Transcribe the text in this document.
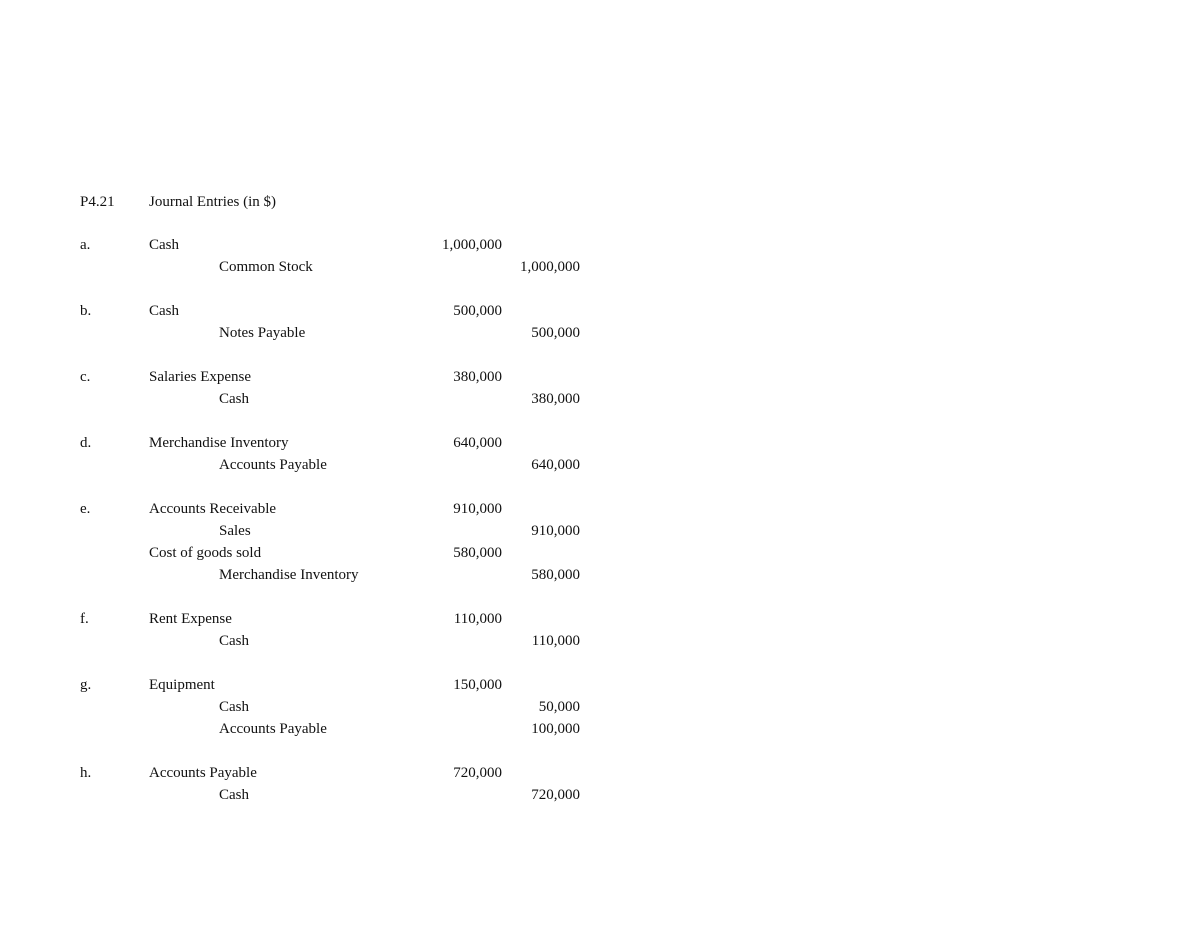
P4.21 Journal Entries (in $)
a.	Cash	1,000,000
Common Stock	1,000,000
b.	Cash	500,000
Notes Payable	500,000
c.	Salaries Expense	380,000
Cash	380,000
d.	Merchandise Inventory	640,000
Accounts Payable	640,000
e.	Accounts Receivable	910,000
Sales	910,000
Cost of goods sold	580,000
Merchandise Inventory	580,000
f.	Rent Expense	110,000
Cash	110,000
g.	Equipment	150,000
Cash	50,000
Accounts Payable	100,000
h.	Accounts Payable	720,000
Cash	720,000
